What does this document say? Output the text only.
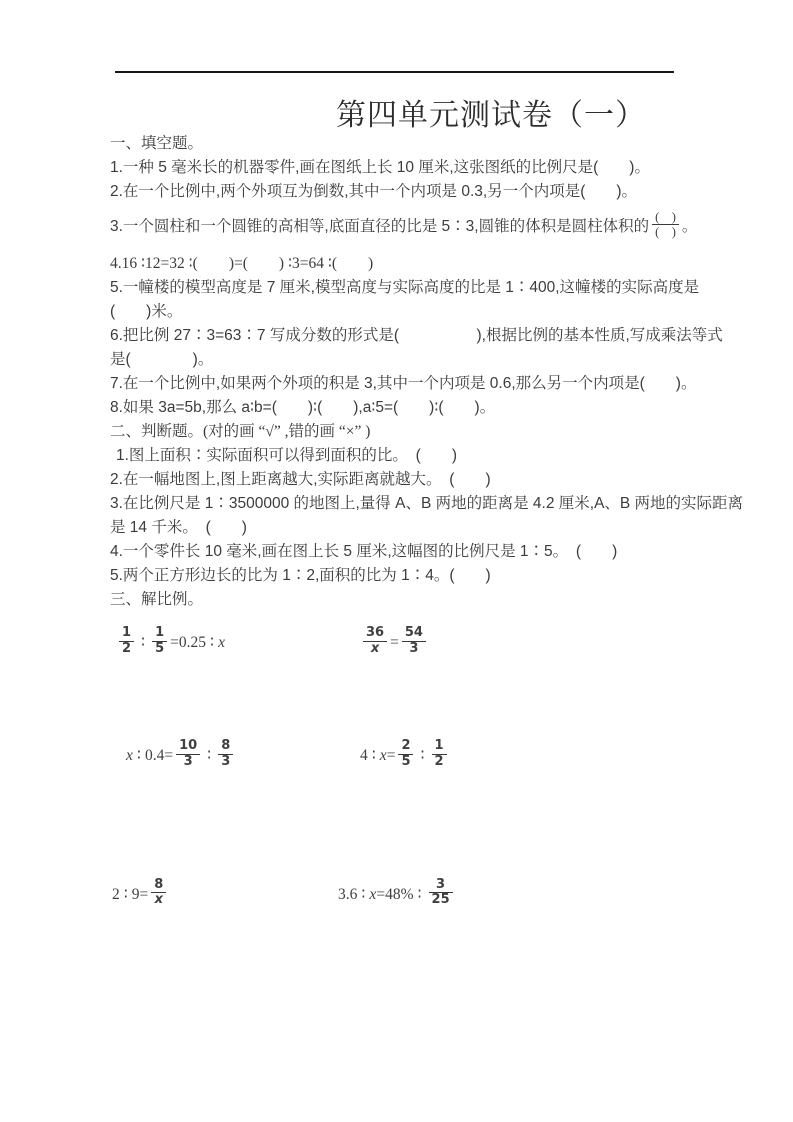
第四单元测试卷（一）
一、填空题。
1.一种 5 毫米长的机器零件,画在图纸上长 10 厘米,这张图纸的比例尺是(　　)。
2.在一个比例中,两个外项互为倒数,其中一个内项是 0.3,另一个内项是(　　)。
3.一个圆柱和一个圆锥的高相等,底面直径的比是 5∶3,圆锥的体积是圆柱体积的 $\frac{( )}{( )}$ 。
4.16 ∶12=32 ∶(　　)=(　　) ∶3=64 ∶(　　)
5.一幢楼的模型高度是 7 厘米,模型高度与实际高度的比是 1∶400,这幢楼的实际高度是
(　　)米。
6.把比例 27∶3=63∶7 写成分数的形式是(　　　　　),根据比例的基本性质,写成乘法等式
是(　　　　)。
7.在一个比例中,如果两个外项的积是 3,其中一个内项是 0.6,那么另一个内项是(　　)。
8.如果 3a=5b,那么 a∶b=(　　)∶(　　),a∶5=(　　)∶(　　)。
二、判断题。(对的画 “√” ,错的画 “×” )
1.图上面积∶实际面积可以得到面积的比。　(　　)
2.在一幅地图上,图上距离越大,实际距离就越大。　(　　)
3.在比例尺是 1∶3500000 的地图上,量得 A、B 两地的距离是 4.2 厘米,A、B 两地的实际距离
是 14 千米。　(　　)
4.一个零件长 10 毫米,画在图上长 5 厘米,这幅图的比例尺是 1∶5。　(　　)
5.两个正方形边长的比为 1∶2,面积的比为 1∶4。(　　)
三、解比例。
$\frac{1}{2}$ ∶ $\frac{1}{5} =0.25$ ∶ x	$\frac{36}{x} = \frac{54}{3}$
x ∶ $0.4= \frac{10}{3}$ ∶ $\frac{8}{3}$	4 ∶ $x= \frac{2}{5}$ ∶ $\frac{1}{2}$
2 ∶ $9= \frac{8}{x}$	3.6 ∶ x=48% ∶ $\frac{3}{25}$
